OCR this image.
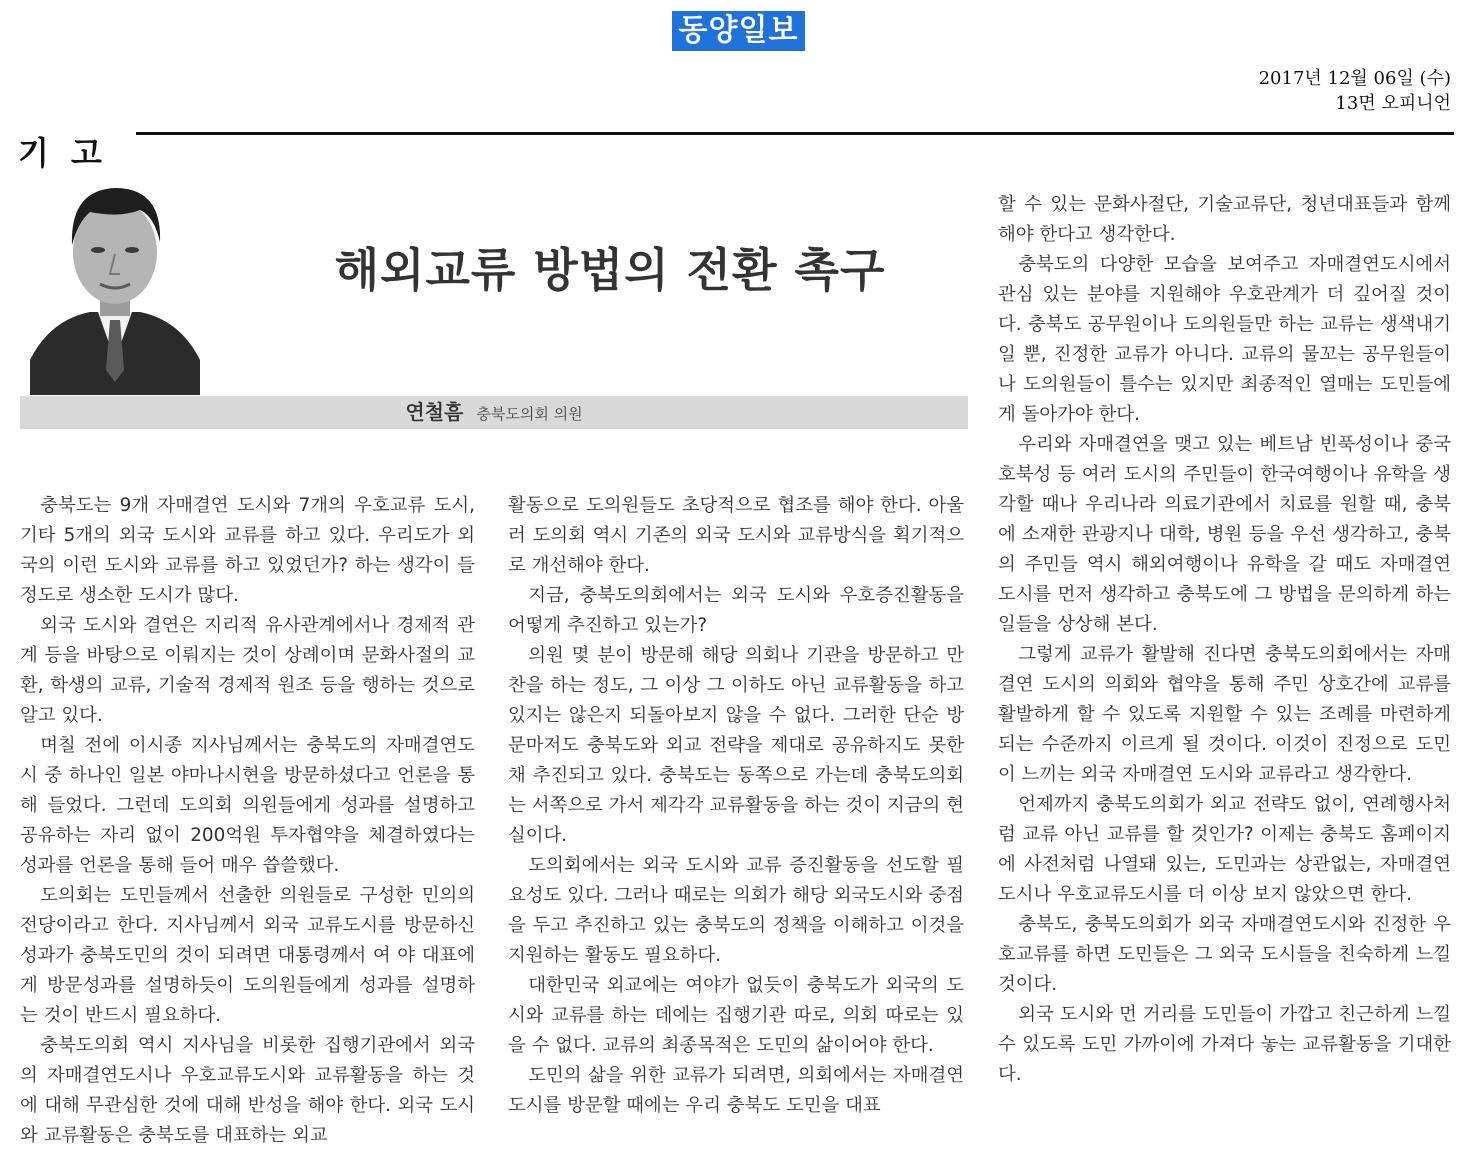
동양일보
2017년 12월 06일 (수)
13면 오피니언
기고
해외교류 방법의 전환 촉구
연철흠 충북도의회 의원

충북도는 9개 자매결연 도시와 7개의 우호교류 도시, 기타 5개의 외국 도시와 교류를 하고 있다. 우리도가 외국의 이런 도시와 교류를 하고 있었던가? 하는 생각이 들 정도로 생소한 도시가 많다.

외국 도시와 결연은 지리적 유사관계에서나 경제적 관계 등을 바탕으로 이뤄지는 것이 상례이며 문화사절의 교환, 학생의 교류, 기술적 경제적 원조 등을 행하는 것으로 알고 있다.

며칠 전에 이시종 지사님께서는 충북도의 자매결연도시 중 하나인 일본 야마나시현을 방문하셨다고 언론을 통해 들었다. 그런데 도의회 의원들에게 성과를 설명하고 공유하는 자리 없이 200억원 투자협약을 체결하였다는 성과를 언론을 통해 들어 매우 씁쓸했다.

도의회는 도민들께서 선출한 의원들로 구성한 민의의 전당이라고 한다. 지사님께서 외국 교류도시를 방문하신 성과가 충북도민의 것이 되려면 대통령께서 여 야 대표에게 방문성과를 설명하듯이 도의원들에게 성과를 설명하는 것이 반드시 필요하다.

충북도의회 역시 지사님을 비롯한 집행기관에서 외국의 자매결연도시나 우호교류도시와 교류활동을 하는 것에 대해 무관심한 것에 대해 반성을 해야 한다. 외국 도시와 교류활동은 충북도를 대표하는 외교

활동으로 도의원들도 초당적으로 협조를 해야 한다. 아울러 도의회 역시 기존의 외국 도시와 교류방식을 획기적으로 개선해야 한다.

지금, 충북도의회에서는 외국 도시와 우호증진활동을 어떻게 추진하고 있는가?

의원 몇 분이 방문해 해당 의회나 기관을 방문하고 만찬을 하는 정도, 그 이상 그 이하도 아닌 교류활동을 하고 있지는 않은지 되돌아보지 않을 수 없다. 그러한 단순 방문마저도 충북도와 외교 전략을 제대로 공유하지도 못한 채 추진되고 있다. 충북도는 동쪽으로 가는데 충북도의회는 서쪽으로 가서 제각각 교류활동을 하는 것이 지금의 현실이다.

도의회에서는 외국 도시와 교류 증진활동을 선도할 필요성도 있다. 그러나 때로는 의회가 해당 외국도시와 중점을 두고 추진하고 있는 충북도의 정책을 이해하고 이것을 지원하는 활동도 필요하다.

대한민국 외교에는 여야가 없듯이 충북도가 외국의 도시와 교류를 하는 데에는 집행기관 따로, 의회 따로는 있을 수 없다. 교류의 최종목적은 도민의 삶이어야 한다.

도민의 삶을 위한 교류가 되려면, 의회에서는 자매결연도시를 방문할 때에는 우리 충북도 도민을 대표

할 수 있는 문화사절단, 기술교류단, 청년대표들과 함께해야 한다고 생각한다.

충북도의 다양한 모습을 보여주고 자매결연도시에서 관심 있는 분야를 지원해야 우호관계가 더 깊어질 것이다. 충북도 공무원이나 도의원들만 하는 교류는 생색내기일 뿐, 진정한 교류가 아니다. 교류의 물꼬는 공무원들이나 도의원들이 틀수는 있지만 최종적인 열매는 도민들에게 돌아가야 한다.

우리와 자매결연을 맺고 있는 베트남 빈푹성이나 중국 호북성 등 여러 도시의 주민들이 한국여행이나 유학을 생각할 때나 우리나라 의료기관에서 치료를 원할 때, 충북에 소재한 관광지나 대학, 병원 등을 우선 생각하고, 충북의 주민들 역시 해외여행이나 유학을 갈 때도 자매결연 도시를 먼저 생각하고 충북도에 그 방법을 문의하게 하는 일들을 상상해 본다.

그렇게 교류가 활발해 진다면 충북도의회에서는 자매결연 도시의 의회와 협약을 통해 주민 상호간에 교류를 활발하게 할 수 있도록 지원할 수 있는 조례를 마련하게 되는 수준까지 이르게 될 것이다. 이것이 진정으로 도민이 느끼는 외국 자매결연 도시와 교류라고 생각한다.

언제까지 충북도의회가 외교 전략도 없이, 연례행사처럼 교류 아닌 교류를 할 것인가? 이제는 충북도 홈페이지에 사전처럼 나열돼 있는, 도민과는 상관없는, 자매결연도시나 우호교류도시를 더 이상 보지 않았으면 한다.

충북도, 충북도의회가 외국 자매결연도시와 진정한 우호교류를 하면 도민들은 그 외국 도시들을 친숙하게 느낄 것이다.

외국 도시와 먼 거리를 도민들이 가깝고 친근하게 느낄 수 있도록 도민 가까이에 가져다 놓는 교류활동을 기대한다.
